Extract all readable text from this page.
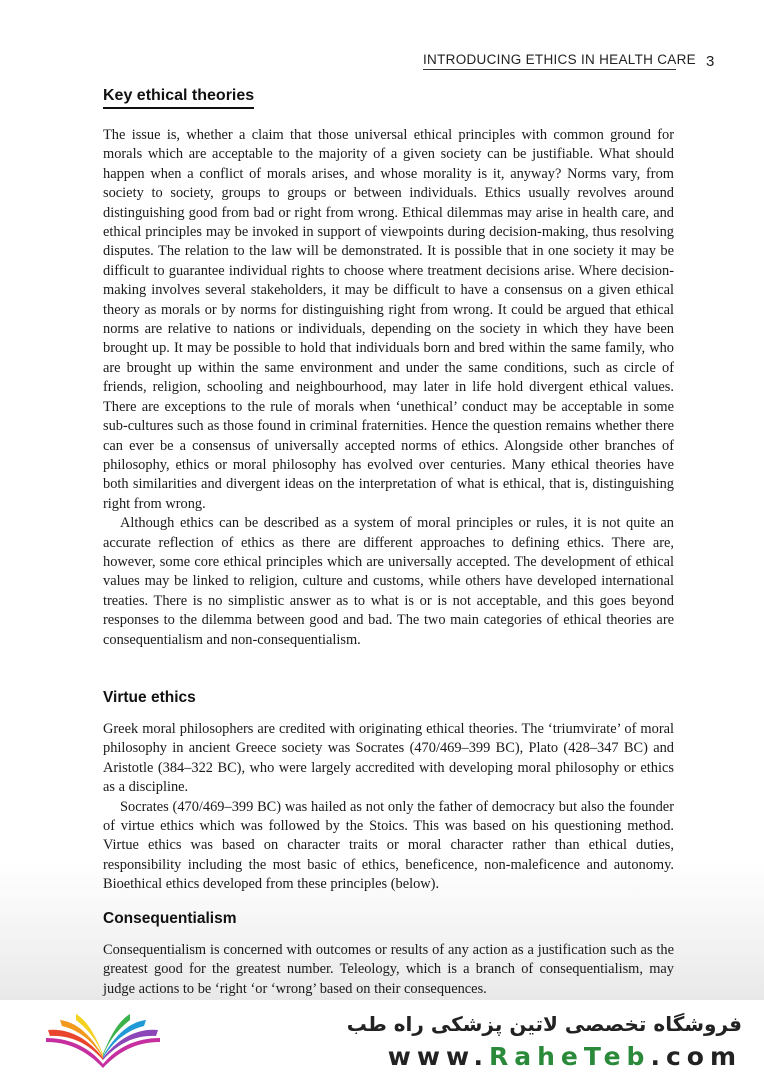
INTRODUCING ETHICS IN HEALTH CARE 3
Key ethical theories

The issue is, whether a claim that those universal ethical principles with common ground for morals which are acceptable to the majority of a given society can be justifiable. What should happen when a conflict of morals arises, and whose morality is it, anyway? Norms vary, from society to society, groups to groups or between individuals. Ethics usually revolves around distinguishing good from bad or right from wrong. Ethical dilemmas may arise in health care, and ethical principles may be invoked in support of viewpoints during decision-making, thus resolving disputes. The relation to the law will be demonstrated. It is possible that in one society it may be difficult to guarantee individual rights to choose where treatment decisions arise. Where decision-making involves several stakeholders, it may be difficult to have a consensus on a given ethical theory as morals or by norms for distinguishing right from wrong. It could be argued that ethical norms are relative to nations or individuals, depending on the society in which they have been brought up. It may be possible to hold that individuals born and bred within the same family, who are brought up within the same environment and under the same conditions, such as circle of friends, religion, schooling and neighbourhood, may later in life hold divergent ethical values. There are exceptions to the rule of morals when ‘unethical’ conduct may be acceptable in some sub-cultures such as those found in criminal fraternities. Hence the question remains whether there can ever be a consensus of universally accepted norms of ethics. Alongside other branches of philosophy, ethics or moral philosophy has evolved over centuries. Many ethical theories have both similarities and divergent ideas on the interpretation of what is ethical, that is, distinguishing right from wrong.

Although ethics can be described as a system of moral principles or rules, it is not quite an accurate reflection of ethics as there are different approaches to defining ethics. There are, however, some core ethical principles which are universally accepted. The development of ethical values may be linked to religion, culture and customs, while others have developed international treaties. There is no simplistic answer as to what is or is not acceptable, and this goes beyond responses to the dilemma between good and bad. The two main categories of ethical theories are consequentialism and non-consequentialism.

Virtue ethics

Greek moral philosophers are credited with originating ethical theories. The ‘triumvirate’ of moral philosophy in ancient Greece society was Socrates (470/469–399 BC), Plato (428–347 BC) and Aristotle (384–322 BC), who were largely accredited with developing moral philosophy or ethics as a discipline.

Socrates (470/469–399 BC) was hailed as not only the father of democracy but also the founder of virtue ethics which was followed by the Stoics. This was based on his questioning method. Virtue ethics was based on character traits or moral character rather than ethical duties, responsibility including the most basic of ethics, beneficence, non-maleficence and autonomy. Bioethical ethics developed from these principles (below).

Consequentialism

Consequentialism is concerned with outcomes or results of any action as a justification such as the greatest good for the greatest number. Teleology, which is a branch of consequentialism, may judge actions to be ‘right ‘or ‘wrong’ based on their consequences.

فروشگاه تخصصی لاتین پزشکی راه طب
www.RaheTeb.com
